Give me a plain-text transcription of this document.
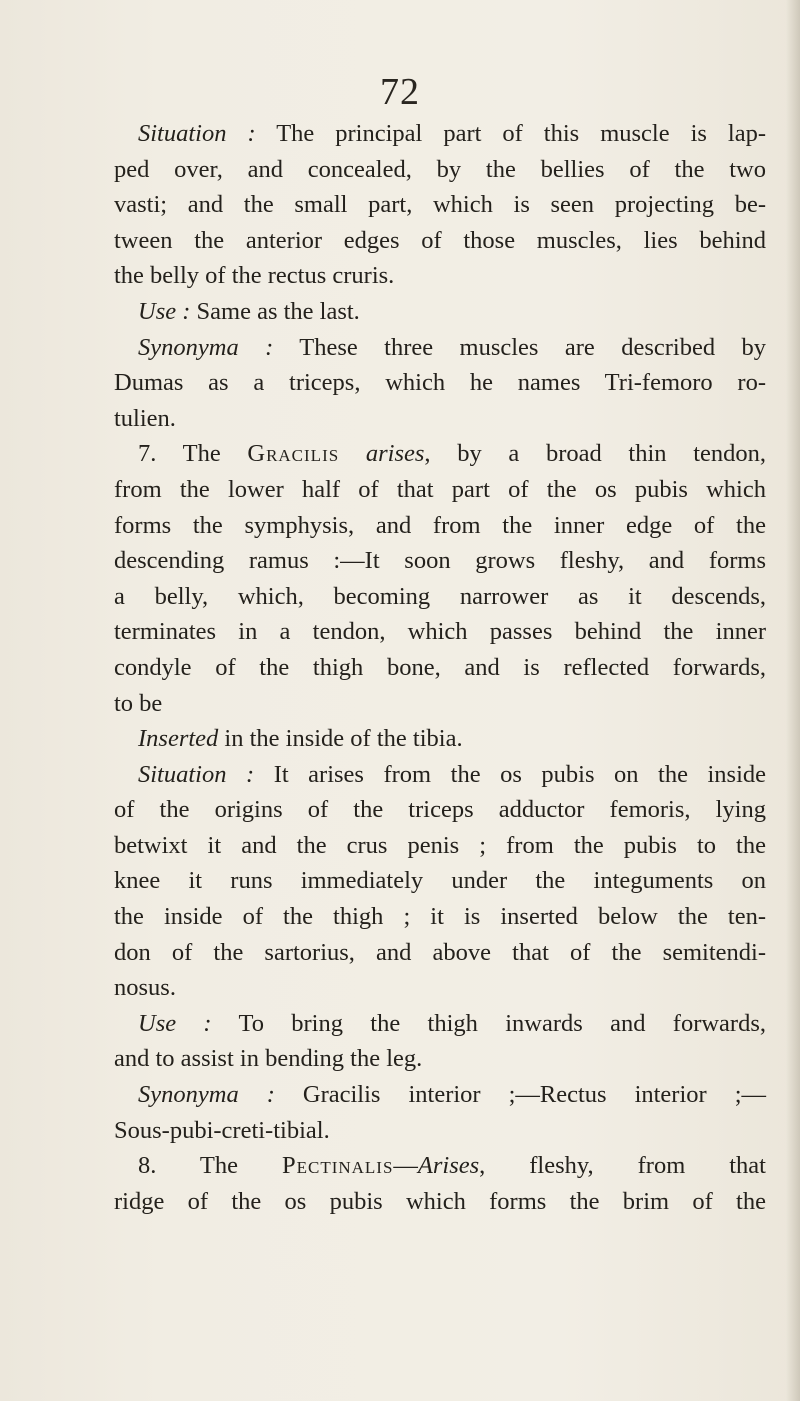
72
Situation : The principal part of this muscle is lap-
ped over, and concealed, by the bellies of the two
vasti; and the small part, which is seen projecting be-
tween the anterior edges of those muscles, lies behind
the belly of the rectus cruris.
Use : Same as the last.
Synonyma : These three muscles are described by
Dumas as a triceps, which he names Tri-femoro ro-
tulien.
7. The Gracilis arises, by a broad thin tendon,
from the lower half of that part of the os pubis which
forms the symphysis, and from the inner edge of the
descending ramus :—It soon grows fleshy, and forms
a belly, which, becoming narrower as it descends,
terminates in a tendon, which passes behind the inner
condyle of the thigh bone, and is reflected forwards,
to be
Inserted in the inside of the tibia.
Situation : It arises from the os pubis on the inside
of the origins of the triceps adductor femoris, lying
betwixt it and the crus penis ; from the pubis to the
knee it runs immediately under the integuments on
the inside of the thigh ; it is inserted below the ten-
don of the sartorius, and above that of the semitendi-
nosus.
Use : To bring the thigh inwards and forwards,
and to assist in bending the leg.
Synonyma : Gracilis interior ;—Rectus interior ;—
Sous-pubi-creti-tibial.
8. The Pectinalis—Arises, fleshy, from that
ridge of the os pubis which forms the brim of the
